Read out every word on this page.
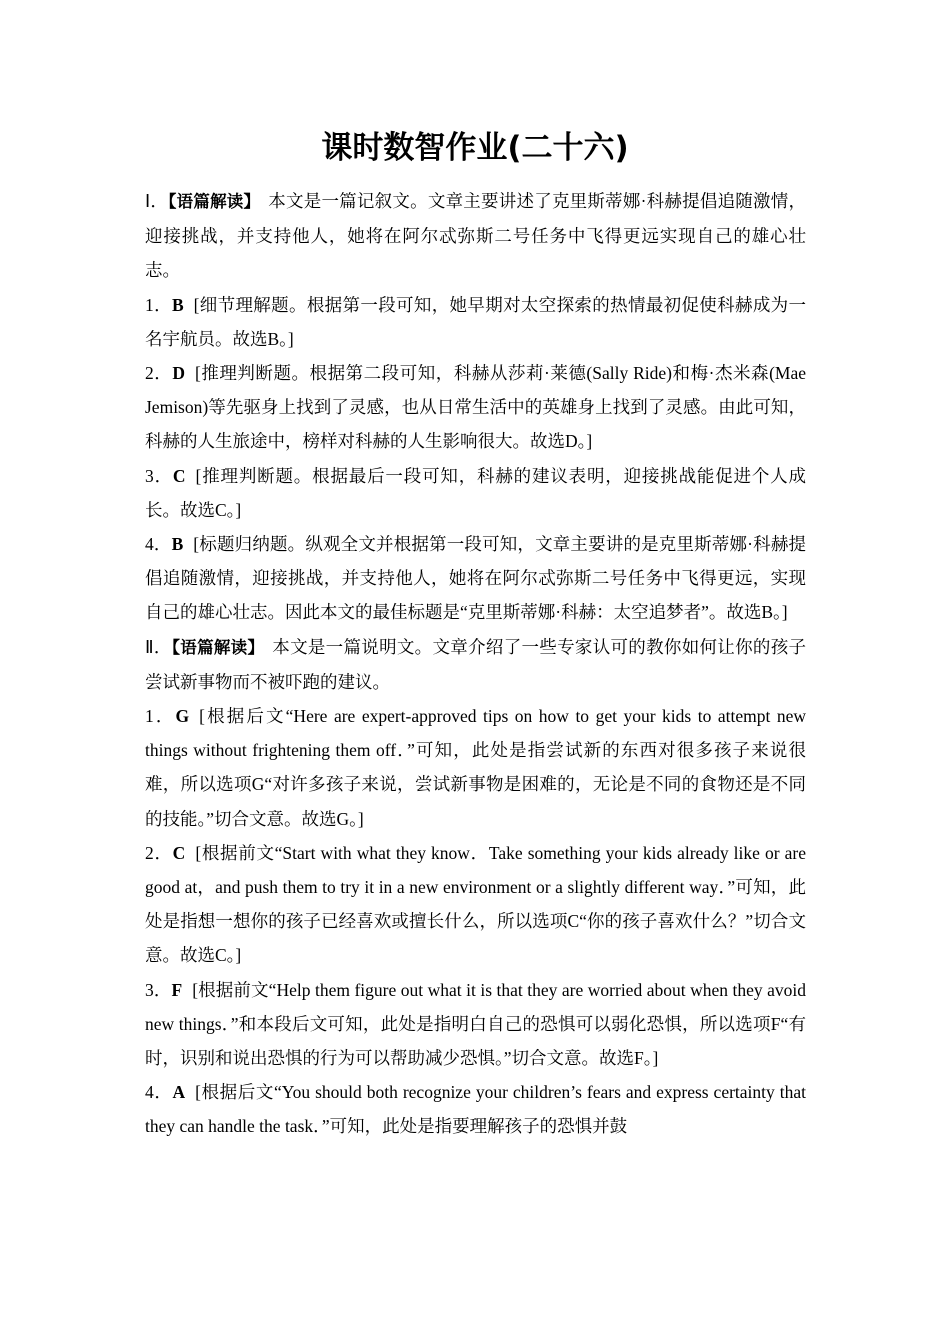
课时数智作业(二十六)

Ⅰ．【语篇解读】 本文是一篇记叙文。文章主要讲述了克里斯蒂娜·科赫提倡追随激情，迎接挑战，并支持他人，她将在阿尔忒弥斯二号任务中飞得更远实现自己的雄心壮志。

1．B [细节理解题。根据第一段可知，她早期对太空探索的热情最初促使科赫成为一名宇航员。故选B。]

2．D [推理判断题。根据第二段可知，科赫从莎莉·莱德(Sally Ride)和梅·杰米森(Mae Jemison)等先驱身上找到了灵感，也从日常生活中的英雄身上找到了灵感。由此可知，科赫的人生旅途中，榜样对科赫的人生影响很大。故选D。]

3．C [推理判断题。根据最后一段可知，科赫的建议表明，迎接挑战能促进个人成长。故选C。]

4．B [标题归纳题。纵观全文并根据第一段可知，文章主要讲的是克里斯蒂娜·科赫提倡追随激情，迎接挑战，并支持他人，她将在阿尔忒弥斯二号任务中飞得更远，实现自己的雄心壮志。因此本文的最佳标题是“克里斯蒂娜·科赫：太空追梦者”。故选B。]

Ⅱ．【语篇解读】 本文是一篇说明文。文章介绍了一些专家认可的教你如何让你的孩子尝试新事物而不被吓跑的建议。

1．G [根据后文“Here are expert-approved tips on how to get your kids to attempt new things without frightening them off．”可知，此处是指尝试新的东西对很多孩子来说很难，所以选项G“对许多孩子来说，尝试新事物是困难的，无论是不同的食物还是不同的技能。”切合文意。故选G。]

2．C [根据前文“Start with what they know．Take something your kids already like or are good at，and push them to try it in a new environment or a slightly different way．”可知，此处是指想一想你的孩子已经喜欢或擅长什么，所以选项C“你的孩子喜欢什么？”切合文意。故选C。]

3．F [根据前文“Help them figure out what it is that they are worried about when they avoid new things．”和本段后文可知，此处是指明白自己的恐惧可以弱化恐惧，所以选项F“有时，识别和说出恐惧的行为可以帮助减少恐惧。”切合文意。故选F。]

4．A [根据后文“You should both recognize your children’s fears and express certainty that they can handle the task．”可知，此处是指要理解孩子的恐惧并鼓
